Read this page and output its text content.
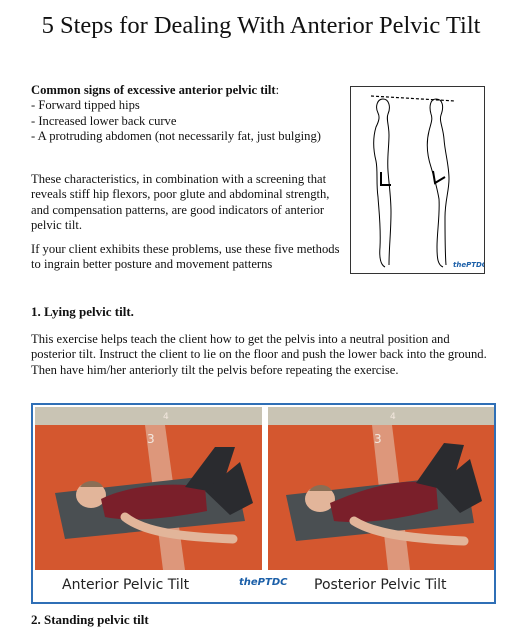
5 Steps for Dealing With Anterior Pelvic Tilt
Common signs of excessive anterior pelvic tilt:
- Forward tipped hips
- Increased lower back curve
- A protruding abdomen (not necessarily fat, just bulging)
These characteristics, in combination with a screening that reveals stiff hip flexors, poor glute and abdominal strength, and compensation patterns, are good indicators of anterior pelvic tilt.
If your client exhibits these problems, use these five methods to ingrain better posture and movement patterns	thePTDC
1. Lying pelvic tilt.
This exercise helps teach the client how to get the pelvis into a neutral position and posterior tilt. Instruct the client to lie on the floor and push the lower back into the ground. Then have him/her anteriorly tilt the pelvis before repeating the exercise.
3
4
3
4
Anterior Pelvic Tilt	thePTDC Posterior Pelvic Tilt
2. Standing pelvic tilt
